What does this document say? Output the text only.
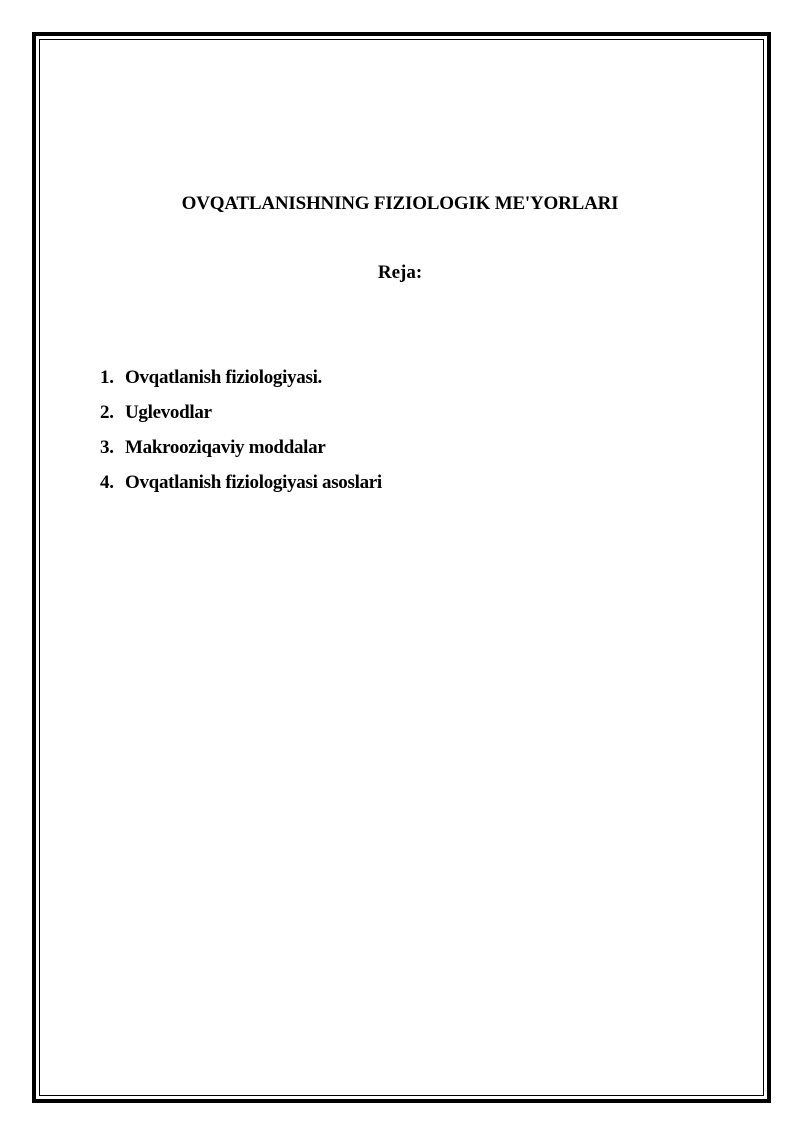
OVQATLANISHNING FIZIOLOGIK ME'YORLARI
Reja:
1. Ovqatlanish fiziologiyasi.
2. Uglevodlar
3. Makrooziqaviy moddalar
4. Ovqatlanish fiziologiyasi asoslari
